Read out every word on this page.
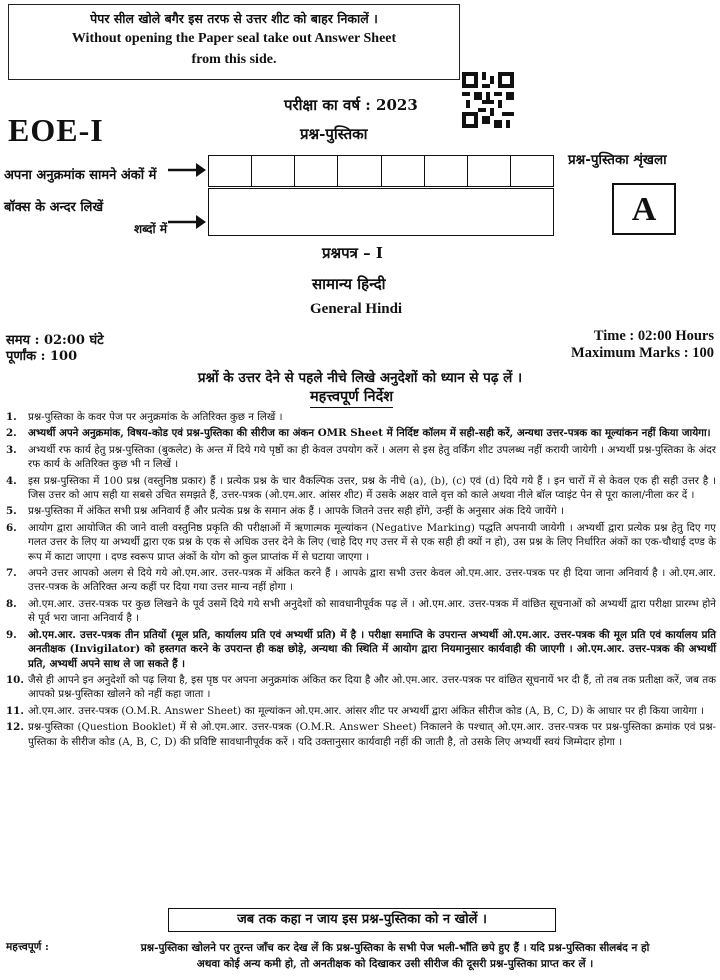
पेपर सील खोले बगैर इस तरफ से उत्तर शीट को बाहर निकालें ।
Without opening the Paper seal take out Answer Sheet
from this side.
परीक्षा का वर्ष : 2023
प्रश्न-पुस्तिका
EOE-I
अपना अनुक्रमांक सामने अंकों में
बॉक्स के अन्दर लिखें
शब्दों में
प्रश्न-पुस्तिका शृंखला
A
प्रश्नपत्र – I
सामान्य हिन्दी
General Hindi
समय : 02:00 घंटे
पूर्णांक : 100
Time : 02:00 Hours
Maximum Marks : 100
प्रश्नों के उत्तर देने से पहले नीचे लिखे अनुदेशों को ध्यान से पढ़ लें ।
महत्त्वपूर्ण निर्देश
1.	प्रश्न-पुस्तिका के कवर पेज पर अनुक्रमांक के अतिरिक्त कुछ न लिखें ।
2.	अभ्यर्थी अपने अनुक्रमांक, विषय-कोड एवं प्रश्न-पुस्तिका की सीरीज का अंकन OMR Sheet में निर्दिष्ट कॉलम में सही-सही करें, अन्यथा उत्तर-पत्रक का मूल्यांकन नहीं किया जायेगा।
3.	अभ्यर्थी रफ कार्य हेतु प्रश्न-पुस्तिका (बुकलेट) के अन्त में दिये गये पृष्ठों का ही केवल उपयोग करें । अलग से इस हेतु वर्किंग शीट उपलब्ध नहीं करायी जायेगी । अभ्यर्थी प्रश्न-पुस्तिका के अंदर रफ कार्य के अतिरिक्त कुछ भी न लिखें ।
4.	इस प्रश्न-पुस्तिका में 100 प्रश्न (वस्तुनिष्ठ प्रकार) हैं । प्रत्येक प्रश्न के चार वैकल्पिक उत्तर, प्रश्न के नीचे (a), (b), (c) एवं (d) दिये गये हैं । इन चारों में से केवल एक ही सही उत्तर है । जिस उत्तर को आप सही या सबसे उचित समझते हैं, उत्तर-पत्रक (ओ.एम.आर. आंसर शीट) में उसके अक्षर वाले वृत्त को काले अथवा नीले बॉल प्वाइंट पेन से पूरा काला/नीला कर दें ।
5.	प्रश्न-पुस्तिका में अंकित सभी प्रश्न अनिवार्य हैं और प्रत्येक प्रश्न के समान अंक हैं । आपके जितने उत्तर सही होंगे, उन्हीं के अनुसार अंक दिये जायेंगे ।
6.	आयोग द्वारा आयोजित की जाने वाली वस्तुनिष्ठ प्रकृति की परीक्षाओं में ऋणात्मक मूल्यांकन (Negative Marking) पद्धति अपनायी जायेगी । अभ्यर्थी द्वारा प्रत्येक प्रश्न हेतु दिए गए गलत उत्तर के लिए या अभ्यर्थी द्वारा एक प्रश्न के एक से अधिक उत्तर देने के लिए (चाहे दिए गए उत्तर में से एक सही ही क्यों न हो), उस प्रश्न के लिए निर्धारित अंकों का एक-चौथाई दण्ड के रूप में काटा जाएगा । दण्ड स्वरूप प्राप्त अंकों के योग को कुल प्राप्तांक में से घटाया जाएगा ।
7.	अपने उत्तर आपको अलग से दिये गये ओ.एम.आर. उत्तर-पत्रक में अंकित करने हैं । आपके द्वारा सभी उत्तर केवल ओ.एम.आर. उत्तर-पत्रक पर ही दिया जाना अनिवार्य है । ओ.एम.आर. उत्तर-पत्रक के अतिरिक्त अन्य कहीं पर दिया गया उत्तर मान्य नहीं होगा ।
8.	ओ.एम.आर. उत्तर-पत्रक पर कुछ लिखने के पूर्व उसमें दिये गये सभी अनुदेशों को सावधानीपूर्वक पढ़ लें । ओ.एम.आर. उत्तर-पत्रक में वांछित सूचनाओं को अभ्यर्थी द्वारा परीक्षा प्रारम्भ होने से पूर्व भरा जाना अनिवार्य है ।
9.	ओ.एम.आर. उत्तर-पत्रक तीन प्रतियों (मूल प्रति, कार्यालय प्रति एवं अभ्यर्थी प्रति) में है । परीक्षा समाप्ति के उपरान्त अभ्यर्थी ओ.एम.आर. उत्तर-पत्रक की मूल प्रति एवं कार्यालय प्रति अनतीक्षक (Invigilator) को हस्तगत करने के उपरान्त ही कक्ष छोड़े, अन्यथा की स्थिति में आयोग द्वारा नियमानुसार कार्यवाही की जाएगी । ओ.एम.आर. उत्तर-पत्रक की अभ्यर्थी प्रति, अभ्यर्थी अपने साथ ले जा सकते हैं ।
10. जैसे ही आपने इन अनुदेशों को पढ़ लिया है, इस पृष्ठ पर अपना अनुक्रमांक अंकित कर दिया है और ओ.एम.आर. उत्तर-पत्रक पर वांछित सूचनायें भर दी हैं, तो तब तक प्रतीक्षा करें, जब तक आपको प्रश्न-पुस्तिका खोलने को नहीं कहा जाता ।
11. ओ.एम.आर. उत्तर-पत्रक (O.M.R. Answer Sheet) का मूल्यांकन ओ.एम.आर. आंसर शीट पर अभ्यर्थी द्वारा अंकित सीरीज कोड (A, B, C, D) के आधार पर ही किया जायेगा ।
12. प्रश्न-पुस्तिका (Question Booklet) में से ओ.एम.आर. उत्तर-पत्रक (O.M.R. Answer Sheet) निकालने के पश्चात् ओ.एम.आर. उत्तर-पत्रक पर प्रश्न-पुस्तिका क्रमांक एवं प्रश्न-पुस्तिका के सीरीज कोड (A, B, C, D) की प्रविष्टि सावधानीपूर्वक करें । यदि उक्तानुसार कार्यवाही नहीं की जाती है, तो उसके लिए अभ्यर्थी स्वयं जिम्मेदार होगा ।
जब तक कहा न जाय इस प्रश्न-पुस्तिका को न खोलें ।
महत्त्वपूर्ण :	प्रश्न-पुस्तिका खोलने पर तुरन्त जाँच कर देख लें कि प्रश्न-पुस्तिका के सभी पेज भली-भाँति छपे हुए हैं । यदि प्रश्न-पुस्तिका सीलबंद न हो
अथवा कोई अन्य कमी हो, तो अनतीक्षक को दिखाकर उसी सीरीज की दूसरी प्रश्न-पुस्तिका प्राप्त कर लें ।
